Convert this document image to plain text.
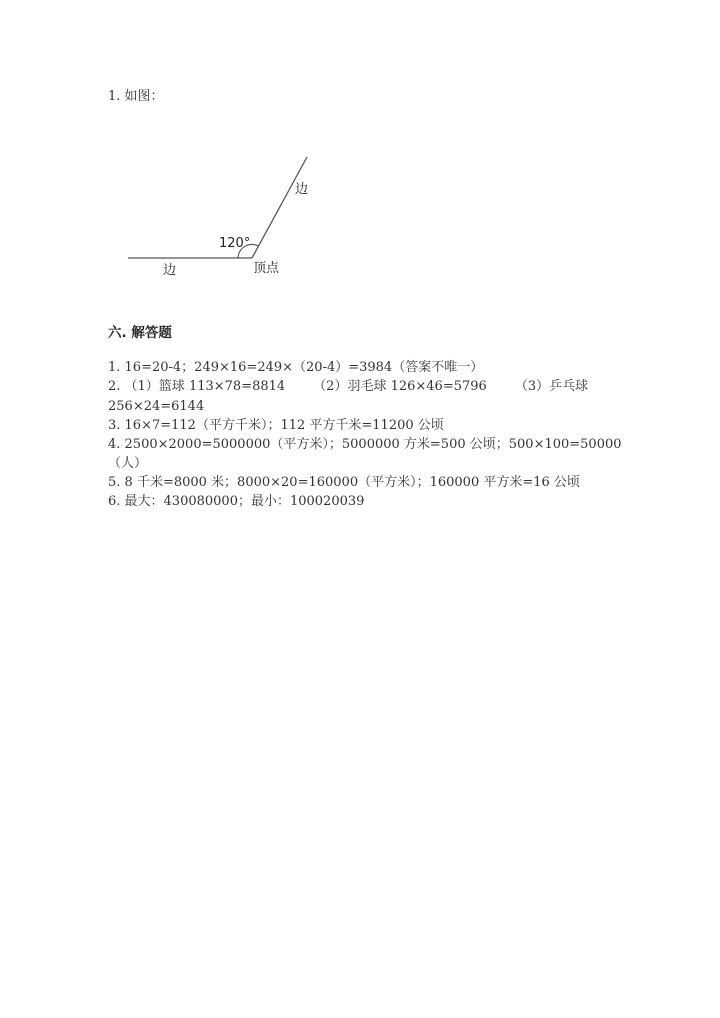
1. 如图：
120°
边
边	顶点
六. 解答题
1. 16=20-4；249×16=249×（20-4）=3984（答案不唯一）
2. （1）篮球 113×78=8814 （2）羽毛球 126×46=5796 （3）乒乓球
256×24=6144
3. 16×7=112（平方千米）；112 平方千米=11200 公顷
4. 2500×2000=5000000（平方米）；5000000 方米=500 公顷；500×100=50000
（人）
5. 8 千米=8000 米；8000×20=160000（平方米）；160000 平方米=16 公顷
6. 最大：430080000；最小：100020039
